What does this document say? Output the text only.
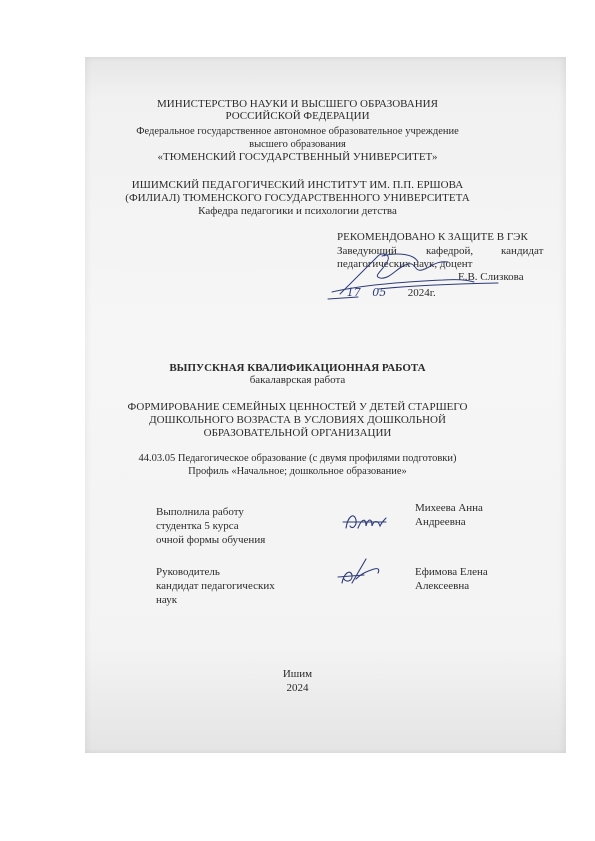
МИНИСТЕРСТВО НАУКИ И ВЫСШЕГО ОБРАЗОВАНИЯ
РОССИЙСКОЙ ФЕДЕРАЦИИ
Федеральное государственное автономное образовательное учреждение
высшего образования
«ТЮМЕНСКИЙ ГОСУДАРСТВЕННЫЙ УНИВЕРСИТЕТ»
ИШИМСКИЙ ПЕДАГОГИЧЕСКИЙ ИНСТИТУТ ИМ. П.П. ЕРШОВА
(ФИЛИАЛ) ТЮМЕНСКОГО ГОСУДАРСТВЕННОГО УНИВЕРСИТЕТА
Кафедра педагогики и психологии детства
РЕКОМЕНДОВАНО К ЗАЩИТЕ В ГЭК
Заведующий	кафедрой,	кандидат
педагогических наук, доцент
Е.В. Слизкова
17 05 2024г.
ВЫПУСКНАЯ КВАЛИФИКАЦИОННАЯ РАБОТА
бакалаврская работа
ФОРМИРОВАНИЕ СЕМЕЙНЫХ ЦЕННОСТЕЙ У ДЕТЕЙ СТАРШЕГО
ДОШКОЛЬНОГО ВОЗРАСТА В УСЛОВИЯХ ДОШКОЛЬНОЙ
ОБРАЗОВАТЕЛЬНОЙ ОРГАНИЗАЦИИ
44.03.05 Педагогическое образование (с двумя профилями подготовки)
Профиль «Начальное; дошкольное образование»
Выполнила работу
студентка 5 курса
очной формы обучения
Михеева Анна
Андреевна
Руководитель
кандидат педагогических
наук
Ефимова Елена
Алексеевна
Ишим
2024
